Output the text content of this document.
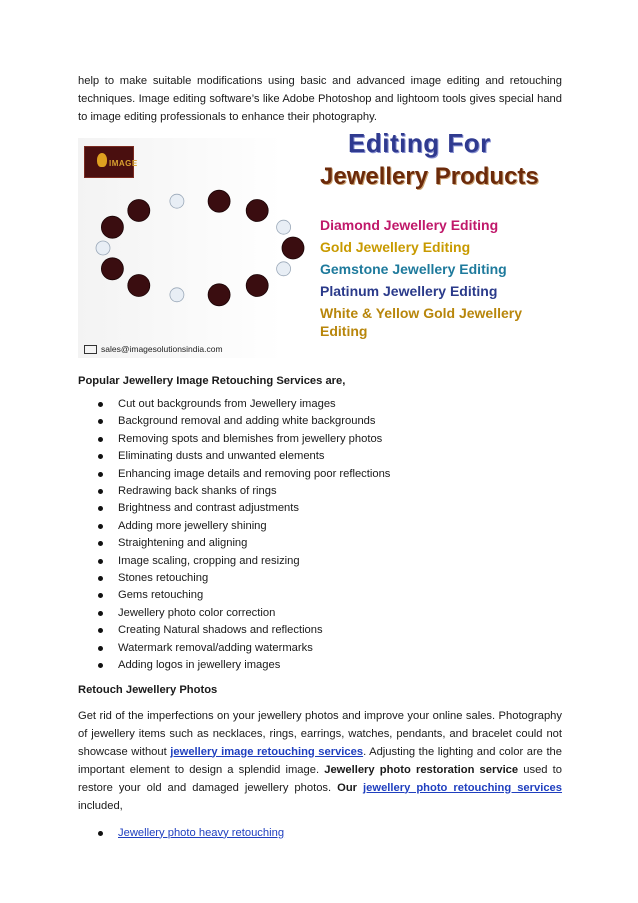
help to make suitable modifications using basic and advanced image editing and retouching techniques. Image editing software’s like Adobe Photoshop and lightoom tools gives special hand to image editing professionals to enhance their photography.

IMAGE
sales@imagesolutionsindia.com
Editing For
Jewellery Products
Diamond Jewellery Editing
Gold Jewellery Editing
Gemstone Jewellery Editing
Platinum Jewellery Editing
White & Yellow Gold Jewellery Editing

Popular Jewellery Image Retouching Services are,

Cut out backgrounds from Jewellery images
Background removal and adding white backgrounds
Removing spots and blemishes from jewellery photos
Eliminating dusts and unwanted elements
Enhancing image details and removing poor reflections
Redrawing back shanks of rings
Brightness and contrast adjustments
Adding more jewellery shining
Straightening and aligning
Image scaling, cropping and resizing
Stones retouching
Gems retouching
Jewellery photo color correction
Creating Natural shadows and reflections
Watermark removal/adding watermarks
Adding logos in jewellery images

Retouch Jewellery Photos

Get rid of the imperfections on your jewellery photos and improve your online sales. Photography of jewellery items such as necklaces, rings, earrings, watches, pendants, and bracelet could not showcase without jewellery image retouching services. Adjusting the lighting and color are the important element to design a splendid image. Jewellery photo restoration service used to restore your old and damaged jewellery photos. Our jewellery photo retouching services included,

Jewellery photo heavy retouching
